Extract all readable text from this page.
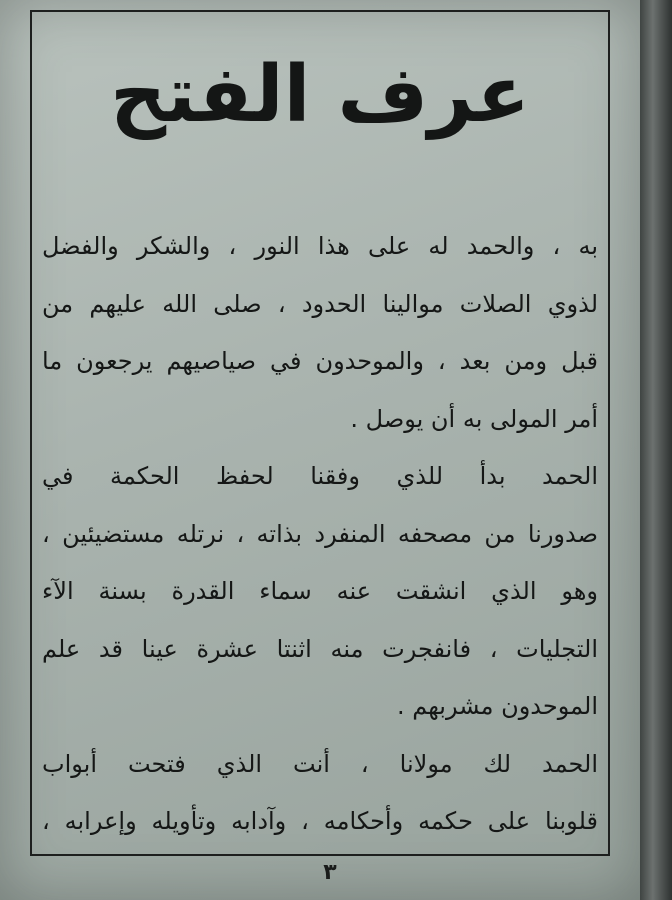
عرف الفتح
به ، والحمد له على هذا النور ، والشكر والفضل
لذوي الصلات موالينا الحدود ، صلى الله عليهم من
قبل ومن بعد ، والموحدون في صياصيهم يرجعون ما
أمر المولى به أن يوصل .
الحمد بدأ للذي وفقنا لحفظ الحكمة في
صدورنا من مصحفه المنفرد بذاته ، نرتله مستضيئين ،
وهو الذي انشقت عنه سماء القدرة بسنة الآء
التجليات ، فانفجرت منه اثنتا عشرة عينا قد علم
الموحدون مشربهم .
الحمد لك مولانا ، أنت الذي فتحت أبواب
قلوبنا على حكمه وأحكامه ، وآدابه وتأويله وإعرابه ،
٣
